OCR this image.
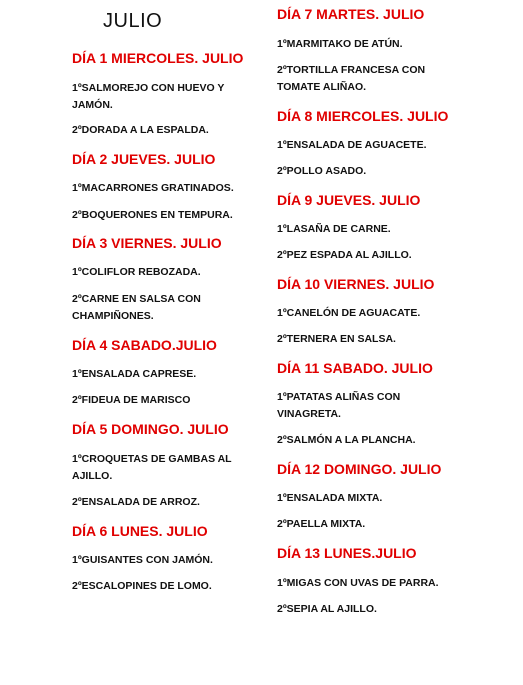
JULIO
DÍA 1 MIERCOLES. JULIO

1ºSALMOREJO CON HUEVO Y JAMÓN.

2ºDORADA A LA ESPALDA.

DÍA 2 JUEVES. JULIO

1ºMACARRONES GRATINADOS.

2ºBOQUERONES EN TEMPURA.

DÍA 3 VIERNES. JULIO

1ºCOLIFLOR REBOZADA.

2ºCARNE EN SALSA CON CHAMPIÑONES.

DÍA 4 SABADO.JULIO

1ºENSALADA CAPRESE.

2ºFIDEUA DE MARISCO

DÍA 5 DOMINGO. JULIO

1ºCROQUETAS DE GAMBAS AL AJILLO.

2ºENSALADA DE ARROZ.

DÍA 6 LUNES. JULIO

1ºGUISANTES CON JAMÓN.

2ºESCALOPINES DE LOMO.

DÍA 7 MARTES. JULIO

1ºMARMITAKO DE ATÚN.

2ºTORTILLA FRANCESA CON TOMATE ALIÑAO.

DÍA 8 MIERCOLES. JULIO

1ºENSALADA DE AGUACETE.

2ºPOLLO ASADO.

DÍA 9 JUEVES. JULIO

1ºLASAÑA DE CARNE.

2ºPEZ ESPADA AL AJILLO.

DÍA 10 VIERNES. JULIO

1ºCANELÓN DE AGUACATE.

2ºTERNERA EN SALSA.

DÍA 11 SABADO. JULIO

1ºPATATAS ALIÑAS CON VINAGRETA.

2ºSALMÓN A LA PLANCHA.

DÍA 12 DOMINGO. JULIO

1ºENSALADA MIXTA.

2ºPAELLA MIXTA.

DÍA 13 LUNES.JULIO

1ºMIGAS CON UVAS DE PARRA.

2ºSEPIA AL AJILLO.
